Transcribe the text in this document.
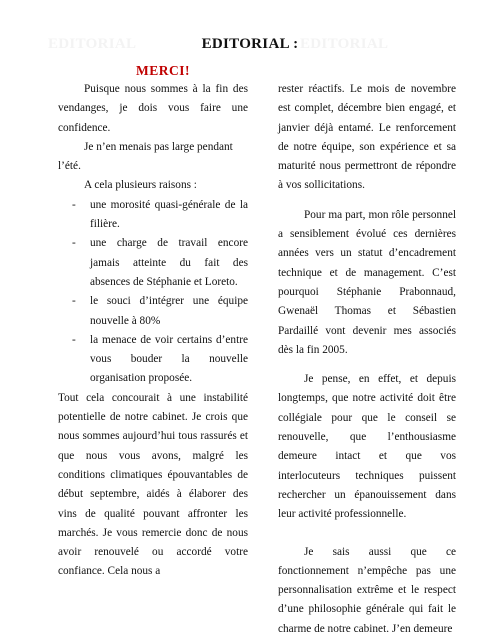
EDITORIAL	EDITORIAL
EDITORIAL :
MERCI!

Puisque nous sommes à la fin des vendanges, je dois vous faire une confidence.

Je n’en menais pas large pendant l’été.

A cela plusieurs raisons :

-	une morosité quasi-générale de la filière.
-	une charge de travail encore jamais atteinte du fait des absences de Stéphanie et Loreto.
-	le souci d’intégrer une équipe nouvelle à 80%
-	la menace de voir certains d’entre vous bouder la nouvelle organisation proposée.

Tout cela concourait à une instabilité potentielle de notre cabinet. Je crois que nous sommes aujourd’hui tous rassurés et que nous vous avons, malgré les conditions climatiques épouvantables de début septembre, aidés à élaborer des vins de qualité pouvant affronter les marchés. Je vous remercie donc de nous avoir renouvelé ou accordé votre confiance. Cela nous a

rester réactifs. Le mois de novembre est complet, décembre bien engagé, et janvier déjà entamé. Le renforcement de notre équipe, son expérience et sa maturité nous permettront de répondre à vos sollicitations.

Pour ma part, mon rôle personnel a sensiblement évolué ces dernières années vers un statut d’encadrement technique et de management. C’est pourquoi Stéphanie Prabonnaud, Gwenaël Thomas et Sébastien Pardaillé vont devenir mes associés dès la fin 2005.

Je pense, en effet, et depuis longtemps, que notre activité doit être collégiale pour que le conseil se renouvelle, que l’enthousiasme demeure intact et que vos interlocuteurs techniques puissent rechercher un épanouissement dans leur activité professionnelle.

Je sais aussi que ce fonctionnement n’empêche pas une personnalisation extrême et le respect d’une philosophie générale qui fait le charme de notre cabinet. J’en demeure
